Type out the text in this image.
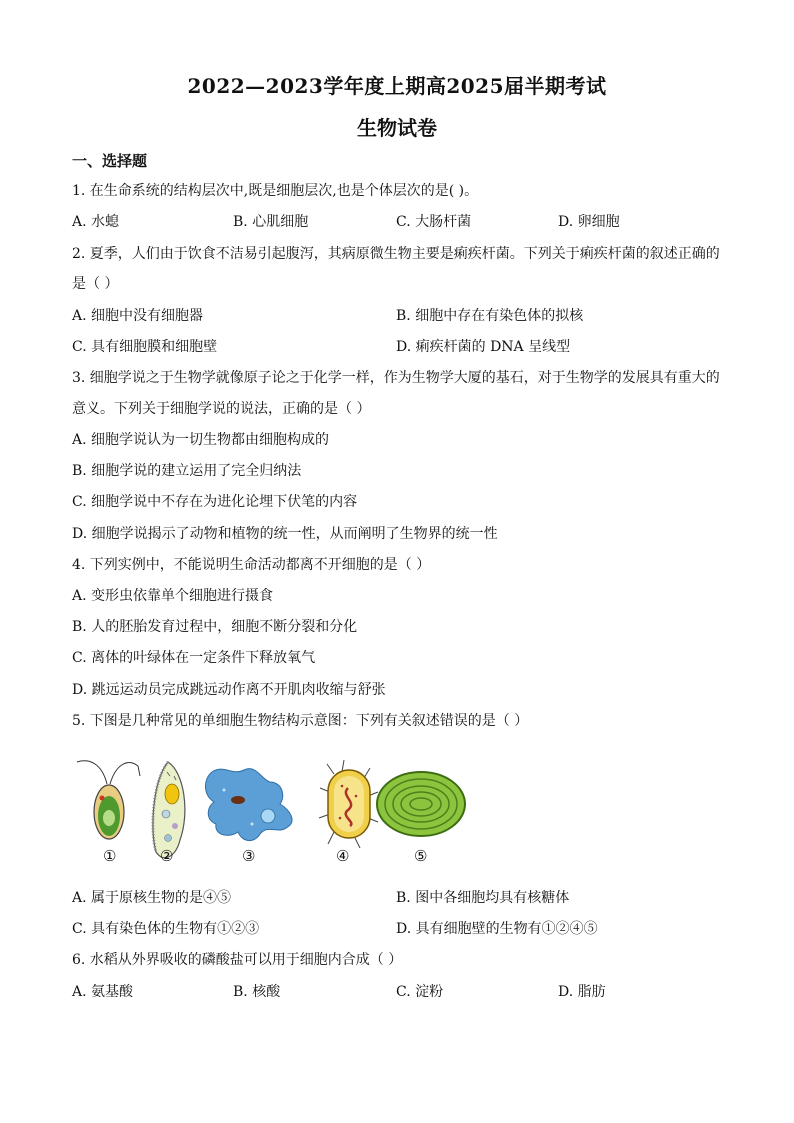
2022—2023学年度上期高2025届半期考试
生物试卷
一、选择题
1. 在生命系统的结构层次中,既是细胞层次,也是个体层次的是( )。
A. 水螅	B. 心肌细胞	C. 大肠杆菌	D. 卵细胞
2. 夏季，人们由于饮食不洁易引起腹泻，其病原微生物主要是痢疾杆菌。下列关于痢疾杆菌的叙述正确的
是（ ）
A. 细胞中没有细胞器	B. 细胞中存在有染色体的拟核
C. 具有细胞膜和细胞壁	D. 痢疾杆菌的 DNA 呈线型
3. 细胞学说之于生物学就像原子论之于化学一样，作为生物学大厦的基石，对于生物学的发展具有重大的
意义。下列关于细胞学说的说法，正确的是（ ）
A. 细胞学说认为一切生物都由细胞构成的
B. 细胞学说的建立运用了完全归纳法
C. 细胞学说中不存在为进化论埋下伏笔的内容
D. 细胞学说揭示了动物和植物的统一性，从而阐明了生物界的统一性
4. 下列实例中，不能说明生命活动都离不开细胞的是（ ）
A. 变形虫依靠单个细胞进行摄食
B. 人的胚胎发育过程中，细胞不断分裂和分化
C. 离体的叶绿体在一定条件下释放氧气
D. 跳远运动员完成跳远动作离不开肌肉收缩与舒张
5. 下图是几种常见的单细胞生物结构示意图：下列有关叙述错误的是（ ）
①	②	③	④	⑤
A. 属于原核生物的是④⑤	B. 图中各细胞均具有核糖体
C. 具有染色体的生物有①②③	D. 具有细胞壁的生物有①②④⑤
6. 水稻从外界吸收的磷酸盐可以用于细胞内合成（ ）
A. 氨基酸	B. 核酸	C. 淀粉	D. 脂肪
